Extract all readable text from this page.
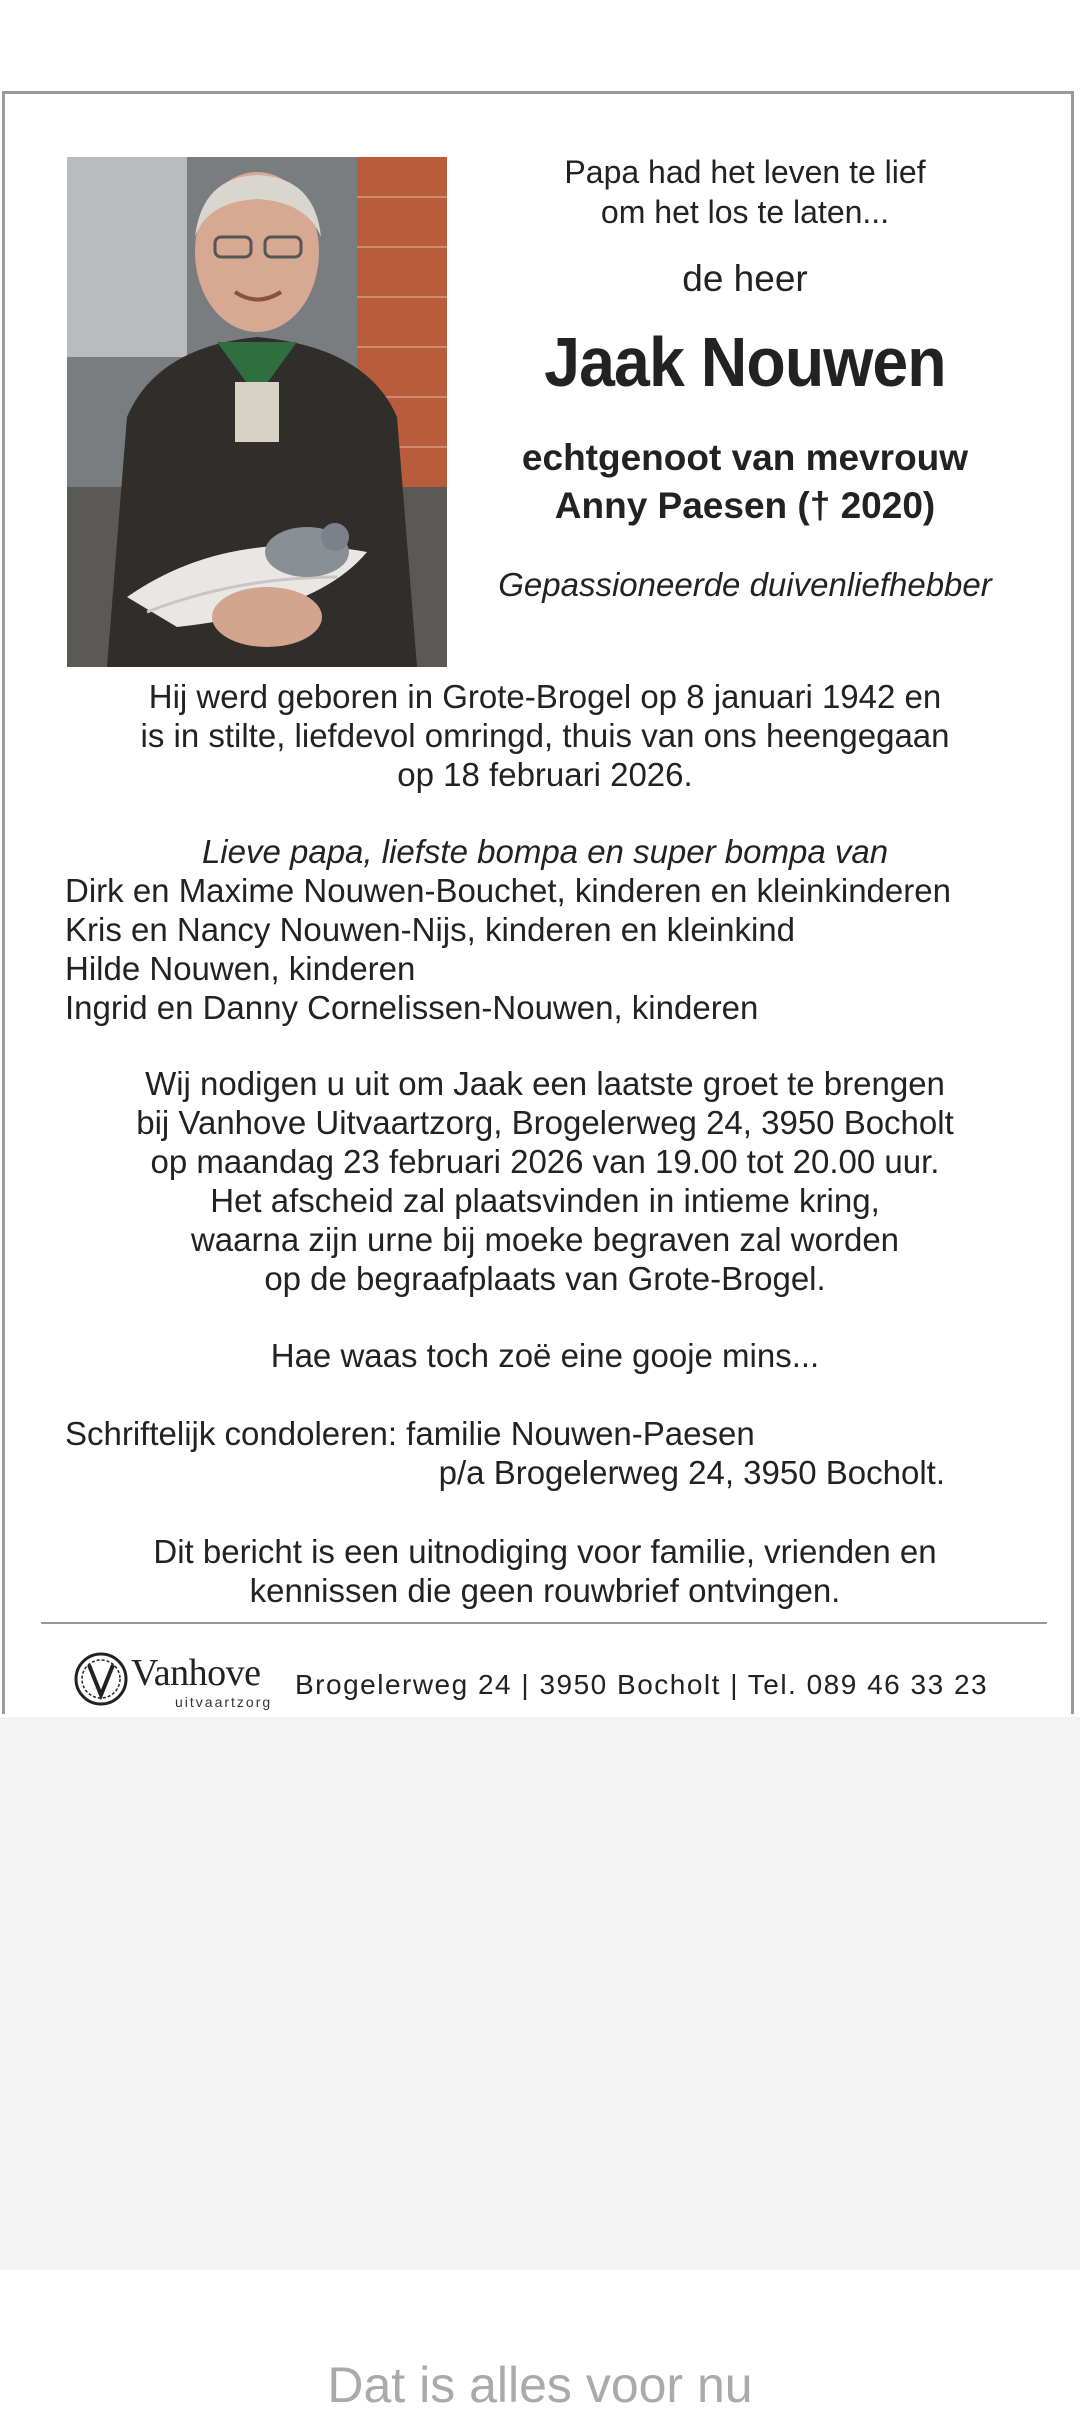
Papa had het leven te lief
om het los te laten...
de heer
Jaak Nouwen
echtgenoot van mevrouw
Anny Paesen († 2020)
Gepassioneerde duivenliefhebber
Hij werd geboren in Grote-Brogel op 8 januari 1942 en
is in stilte, liefdevol omringd, thuis van ons heengegaan
op 18 februari 2026.
Lieve papa, liefste bompa en super bompa van
Dirk en Maxime Nouwen-Bouchet, kinderen en kleinkinderen
Kris en Nancy Nouwen-Nijs, kinderen en kleinkind
Hilde Nouwen, kinderen
Ingrid en Danny Cornelissen-Nouwen, kinderen
Wij nodigen u uit om Jaak een laatste groet te brengen
bij Vanhove Uitvaartzorg, Brogelerweg 24, 3950 Bocholt
op maandag 23 februari 2026 van 19.00 tot 20.00 uur.
Het afscheid zal plaatsvinden in intieme kring,
waarna zijn urne bij moeke begraven zal worden
op de begraafplaats van Grote-Brogel.
Hae waas toch zoë eine gooje mins...
Schriftelijk condoleren: familie Nouwen-Paesen
p/a Brogelerweg 24, 3950 Bocholt.
Dit bericht is een uitnodiging voor familie, vrienden en
kennissen die geen rouwbrief ontvingen.
Vanhove
uitvaartzorg
Brogelerweg 24 | 3950 Bocholt | Tel. 089 46 33 23
Dat is alles voor nu
